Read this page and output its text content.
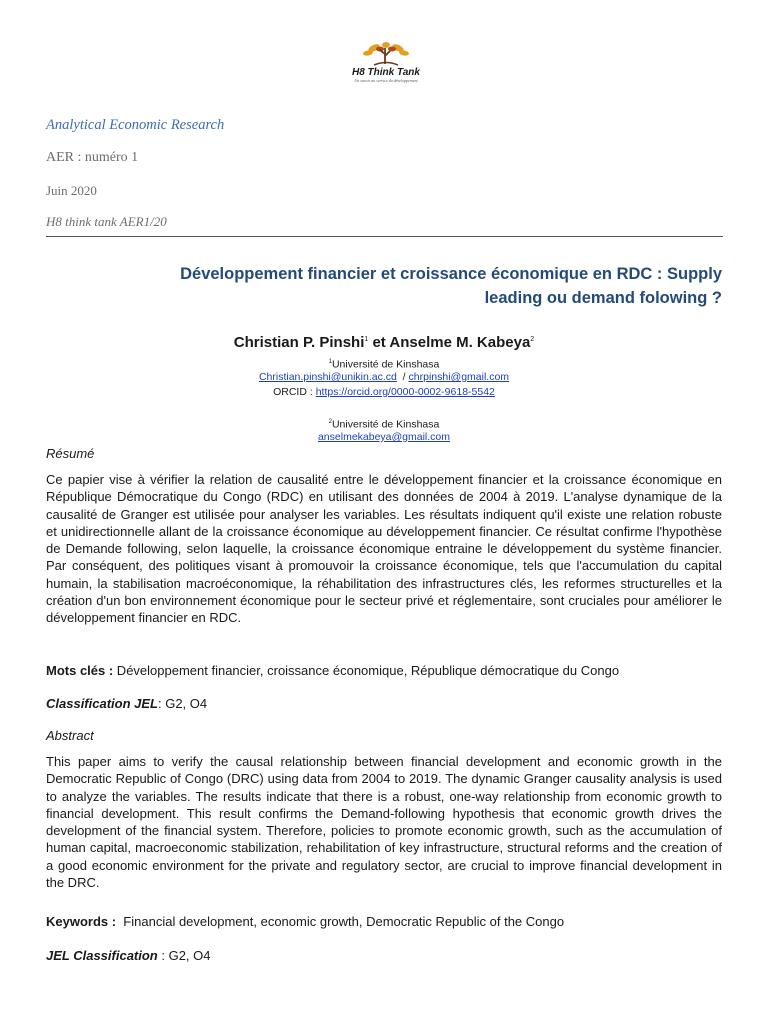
H8 Think Tank
Un savoir au service du développement
Analytical Economic Research
AER : numéro 1
Juin 2020
H8 think tank AER1/20
Développement financier et croissance économique en RDC : Supply
leading ou demand folowing ?
Christian P. Pinshi$^1$ et Anselme M. Kabeya$^2$
$^1$Université de Kinshasa
Christian.pinshi@unikin.ac.cd  / chrpinshi@gmail.com
ORCID : https://orcid.org/0000-0002-9618-5542
$^2$Université de Kinshasa
anselmekabeya@gmail.com
Résumé
Ce papier vise à vérifier la relation de causalité entre le développement financier et la croissance économique en République Démocratique du Congo (RDC) en utilisant des données de 2004 à 2019. L'analyse dynamique de la causalité de Granger est utilisée pour analyser les variables. Les résultats indiquent qu'il existe une relation robuste et unidirectionnelle allant de la croissance économique au développement financier. Ce résultat confirme l'hypothèse de Demande following, selon laquelle, la croissance économique entraine le développement du système financier. Par conséquent, des politiques visant à promouvoir la croissance économique, tels que l'accumulation du capital humain, la stabilisation macroéconomique, la réhabilitation des infrastructures clés, les reformes structurelles et la création d'un bon environnement économique pour le secteur privé et réglementaire, sont cruciales pour améliorer le développement financier en RDC.
Mots clés : Développement financier, croissance économique, République démocratique du Congo
Classification JEL: G2, O4
Abstract
This paper aims to verify the causal relationship between financial development and economic growth in the Democratic Republic of Congo (DRC) using data from 2004 to 2019. The dynamic Granger causality analysis is used to analyze the variables. The results indicate that there is a robust, one-way relationship from economic growth to financial development. This result confirms the Demand-following hypothesis that economic growth drives the development of the financial system. Therefore, policies to promote economic growth, such as the accumulation of human capital, macroeconomic stabilization, rehabilitation of key infrastructure, structural reforms and the creation of a good economic environment for the private and regulatory sector, are crucial to improve financial development in the DRC.
Keywords :  Financial development, economic growth, Democratic Republic of the Congo
JEL Classification : G2, O4
